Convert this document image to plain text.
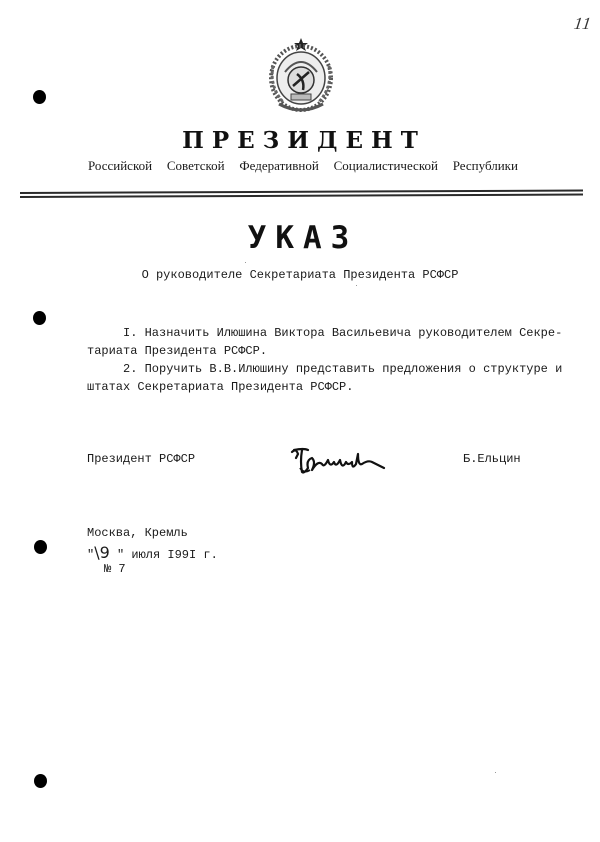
11
ПРЕЗИДЕНТ
Российской Советской Федеративной Социалистической Республики
УКАЗ
О руководителе Секретариата Президента РСФСР
I. Назначить Илюшина Виктора Васильевича руководителем Секре-
тариата Президента РСФСР.
2. Поручить В.В.Илюшину представить предложения о структуре и
штатах Секретариата Президента РСФСР.
Президент РСФСР	Б.Ельцин
Москва, Кремль
"\9 " июля I99I г.
№ 7
